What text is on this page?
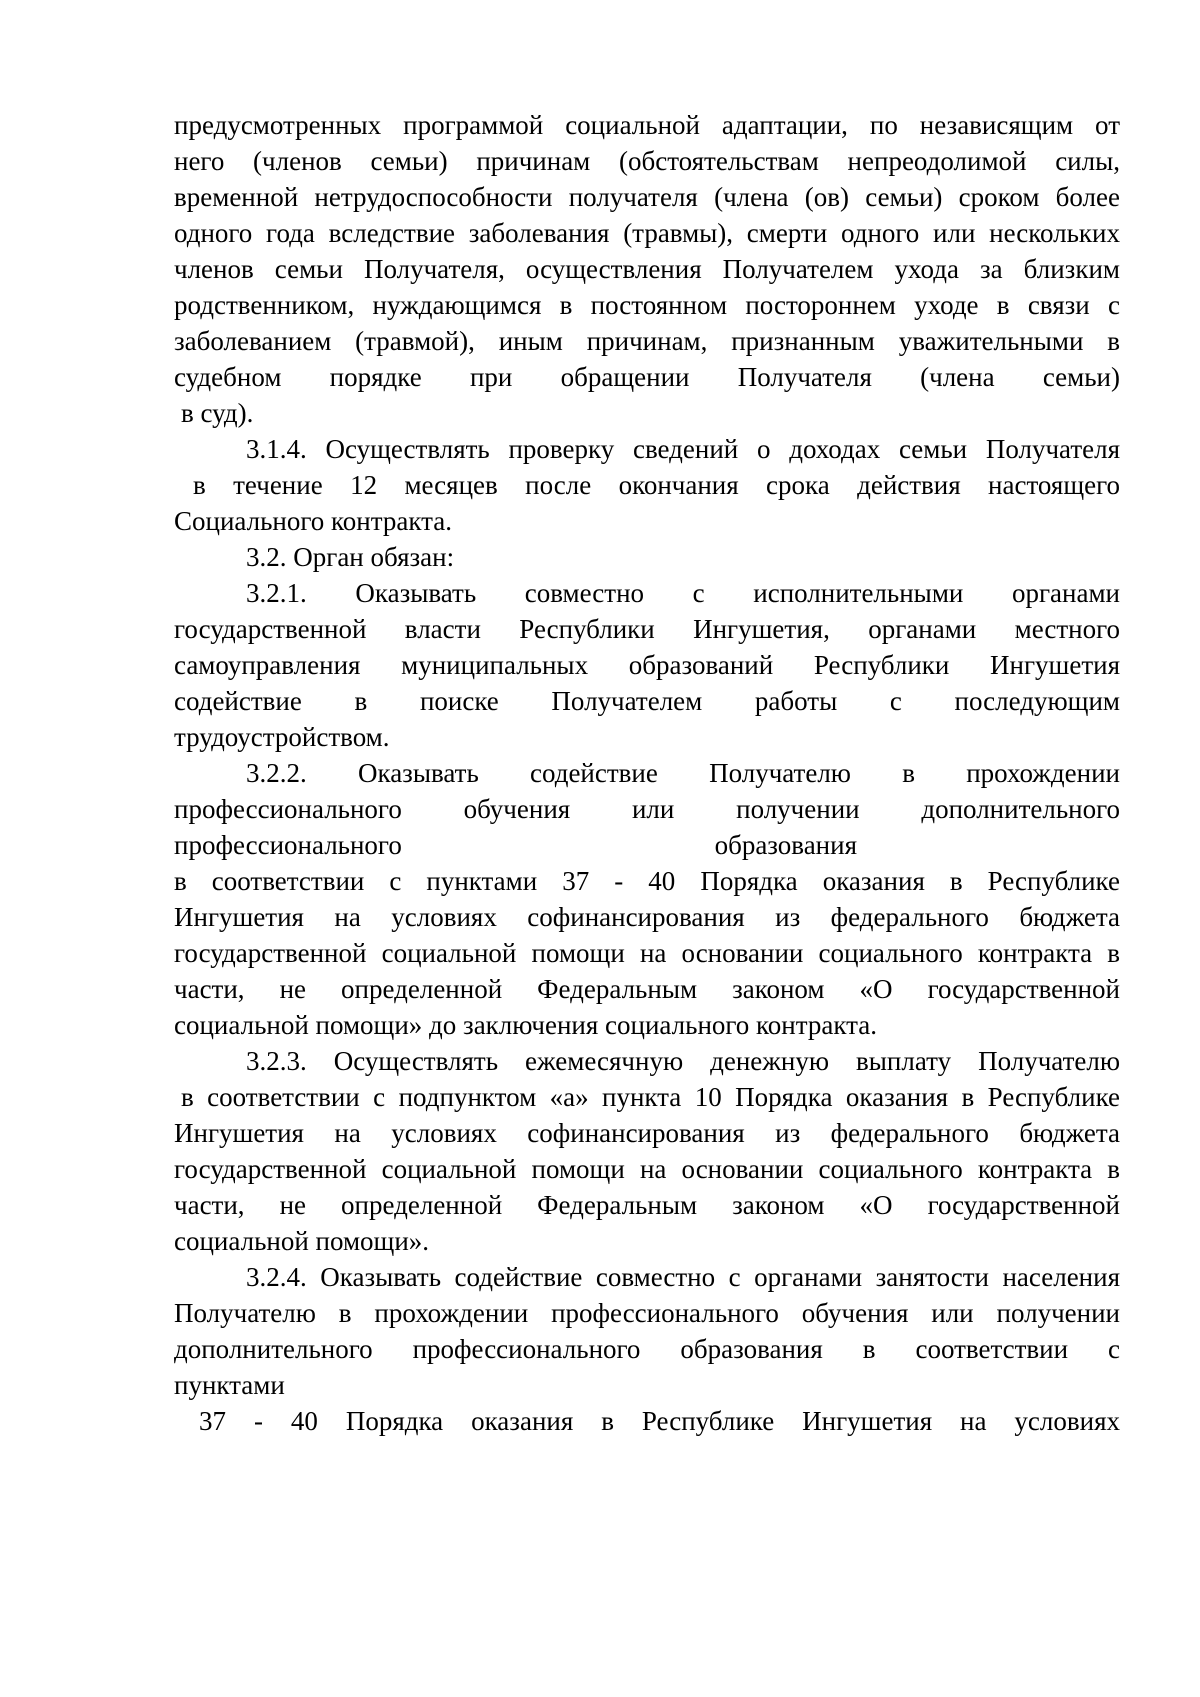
предусмотренных программой социальной адаптации, по независящим от
него (членов семьи) причинам (обстоятельствам непреодолимой силы,
временной нетрудоспособности получателя (члена (ов) семьи) сроком более
одного года вследствие заболевания (травмы), смерти одного или нескольких
членов семьи Получателя, осуществления Получателем ухода за близким
родственником, нуждающимся в постоянном постороннем уходе в связи с
заболеванием (травмой), иным причинам, признанным уважительными в
судебном порядке при обращении Получателя (члена семьи)
в суд).
3.1.4. Осуществлять проверку сведений о доходах семьи Получателя
в течение 12 месяцев после окончания срока действия настоящего
Социального контракта.
3.2. Орган обязан:
3.2.1. Оказывать совместно с исполнительными органами
государственной власти Республики Ингушетия, органами местного
самоуправления муниципальных образований Республики Ингушетия
содействие в поиске Получателем работы с последующим
трудоустройством.
3.2.2. Оказывать содействие Получателю в прохождении
профессионального обучения или получении дополнительного
профессионального образования
в соответствии с пунктами 37 - 40 Порядка оказания в Республике
Ингушетия на условиях софинансирования из федерального бюджета
государственной социальной помощи на основании социального контракта в
части, не определенной Федеральным законом «О государственной
социальной помощи» до заключения социального контракта.
3.2.3. Осуществлять ежемесячную денежную выплату Получателю
в соответствии с подпунктом «а» пункта 10 Порядка оказания в Республике
Ингушетия на условиях софинансирования из федерального бюджета
государственной социальной помощи на основании социального контракта в
части, не определенной Федеральным законом «О государственной
социальной помощи».
3.2.4. Оказывать содействие совместно с органами занятости населения
Получателю в прохождении профессионального обучения или получении
дополнительного профессионального образования в соответствии с
пунктами
37 - 40 Порядка оказания в Республике Ингушетия на условиях
